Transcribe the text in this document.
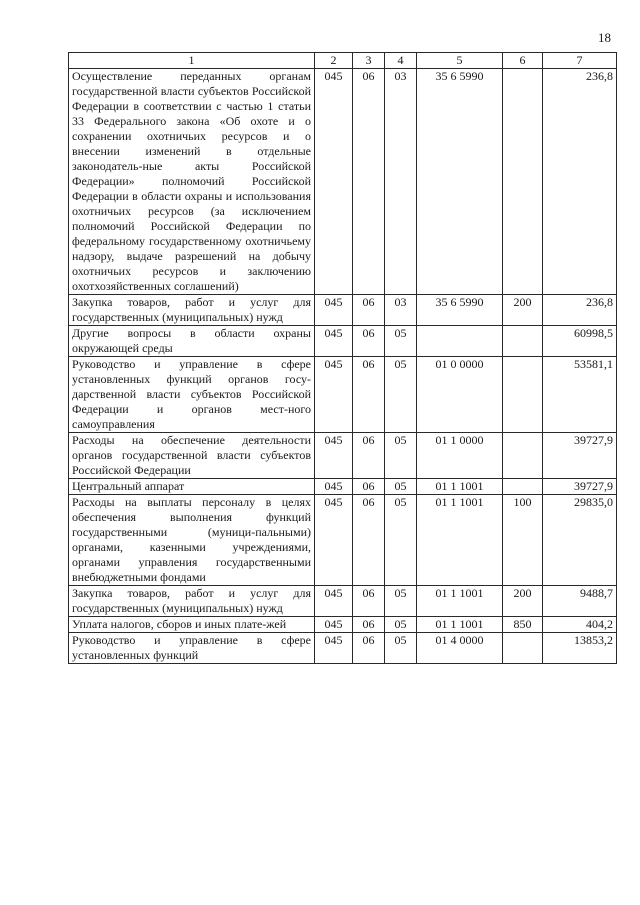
18
1	2	3	4	5	6	7
Осуществление переданных органам государственной власти субъектов Российской Федерации в соответствии с частью 1 статьи 33 Федерального закона «Об охоте и о сохранении охотничьих ресурсов и о внесении изменений в отдельные законодатель-ные акты Российской Федерации» полномочий Российской Федерации в области охраны и использования охотничьих ресурсов (за исключением полномочий Российской Федерации по федеральному государственному охотничьему надзору, выдаче разрешений на добычу охотничьих ресурсов и заключению охотхозяйственных соглашений)	045	06	03	35 6 5990		236,8
Закупка товаров, работ и услуг для государственных (муниципальных) нужд	045	06	03	35 6 5990	200	236,8
Другие вопросы в области охраны окружающей среды	045	06	05			60998,5
Руководство и управление в сфере установленных функций органов госу-дарственной власти субъектов Российской Федерации и органов мест-ного самоуправления	045	06	05	01 0 0000		53581,1
Расходы на обеспечение деятельности органов государственной власти субъектов Российской Федерации	045	06	05	01 1 0000		39727,9
Центральный аппарат	045	06	05	01 1 1001		39727,9
Расходы на выплаты персоналу в целях обеспечения выполнения функций государственными (муници-пальными) органами, казенными учреждениями, органами управления государственными внебюджетными фондами	045	06	05	01 1 1001	100	29835,0
Закупка товаров, работ и услуг для государственных (муниципальных) нужд	045	06	05	01 1 1001	200	9488,7
Уплата налогов, сборов и иных плате-жей	045	06	05	01 1 1001	850	404,2
Руководство и управление в сфере установленных функций	045	06	05	01 4 0000		13853,2
